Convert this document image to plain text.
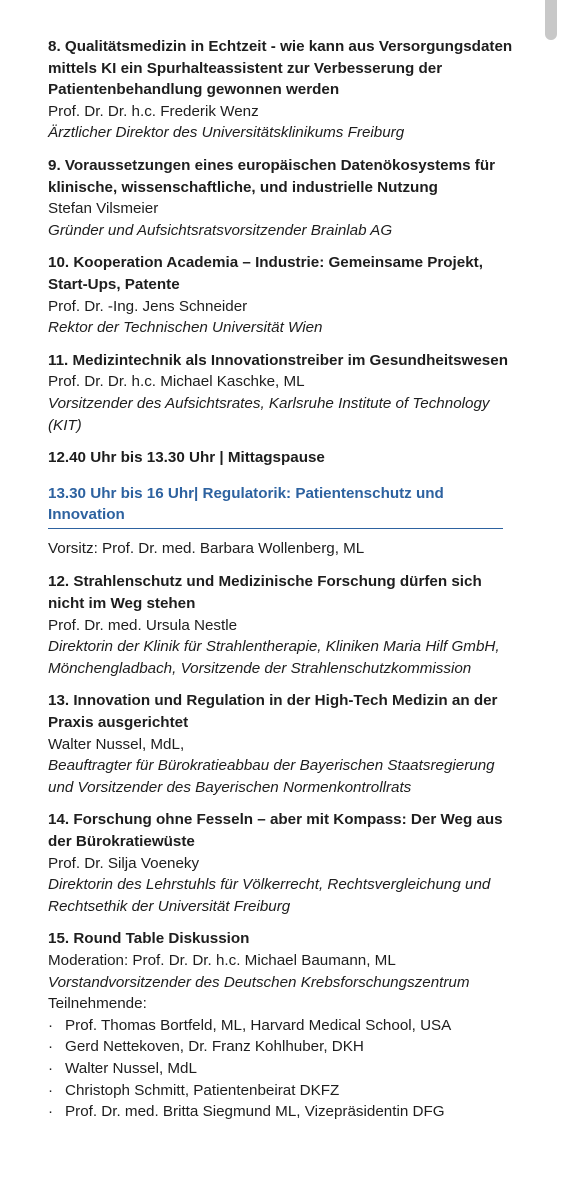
8. Qualitätsmedizin in Echtzeit - wie kann aus Versorgungsdaten mittels KI ein Spurhalteassistent zur Verbesserung der Patientenbehandlung gewonnen werden

Prof. Dr. Dr. h.c. Frederik Wenz

Ärztlicher Direktor des Universitätsklinikums Freiburg

9. Voraussetzungen eines europäischen Datenökosystems für klinische, wissenschaftliche, und industrielle Nutzung

Stefan Vilsmeier

Gründer und Aufsichtsratsvorsitzender Brainlab AG

10. Kooperation Academia – Industrie: Gemeinsame Projekt, Start-Ups, Patente

Prof. Dr. -Ing. Jens Schneider

Rektor der Technischen Universität Wien

11. Medizintechnik als Innovationstreiber im Gesundheitswesen

Prof. Dr. Dr. h.c. Michael Kaschke, ML

Vorsitzender des Aufsichtsrates, Karlsruhe Institute of Technology (KIT)

12.40 Uhr bis 13.30 Uhr | Mittagspause

13.30 Uhr bis 16 Uhr| Regulatorik: Patientenschutz und Innovation

Vorsitz: Prof. Dr. med. Barbara Wollenberg, ML

12. Strahlenschutz und Medizinische Forschung dürfen sich nicht im Weg stehen

Prof. Dr. med. Ursula Nestle

Direktorin der Klinik für Strahlentherapie, Kliniken Maria Hilf GmbH, Mönchengladbach, Vorsitzende der Strahlenschutzkommission

13. Innovation und Regulation in der High-Tech Medizin an der Praxis ausgerichtet

Walter Nussel, MdL,

Beauftragter für Bürokratieabbau der Bayerischen Staatsregierung und Vorsitzender des Bayerischen Normenkontrollrats

14. Forschung ohne Fesseln – aber mit Kompass: Der Weg aus der Bürokratiewüste

Prof. Dr. Silja Voeneky

Direktorin des Lehrstuhls für Völkerrecht, Rechtsvergleichung und Rechtsethik der Universität Freiburg

15. Round Table Diskussion

Moderation: Prof. Dr. Dr. h.c. Michael Baumann, ML

Vorstandvorsitzender des Deutschen Krebsforschungszentrum

Teilnehmende:

· Prof. Thomas Bortfeld, ML, Harvard Medical School, USA
· Gerd Nettekoven, Dr. Franz Kohlhuber, DKH
· Walter Nussel, MdL
· Christoph Schmitt, Patientenbeirat DKFZ
· Prof. Dr. med. Britta Siegmund ML, Vizepräsidentin DFG
